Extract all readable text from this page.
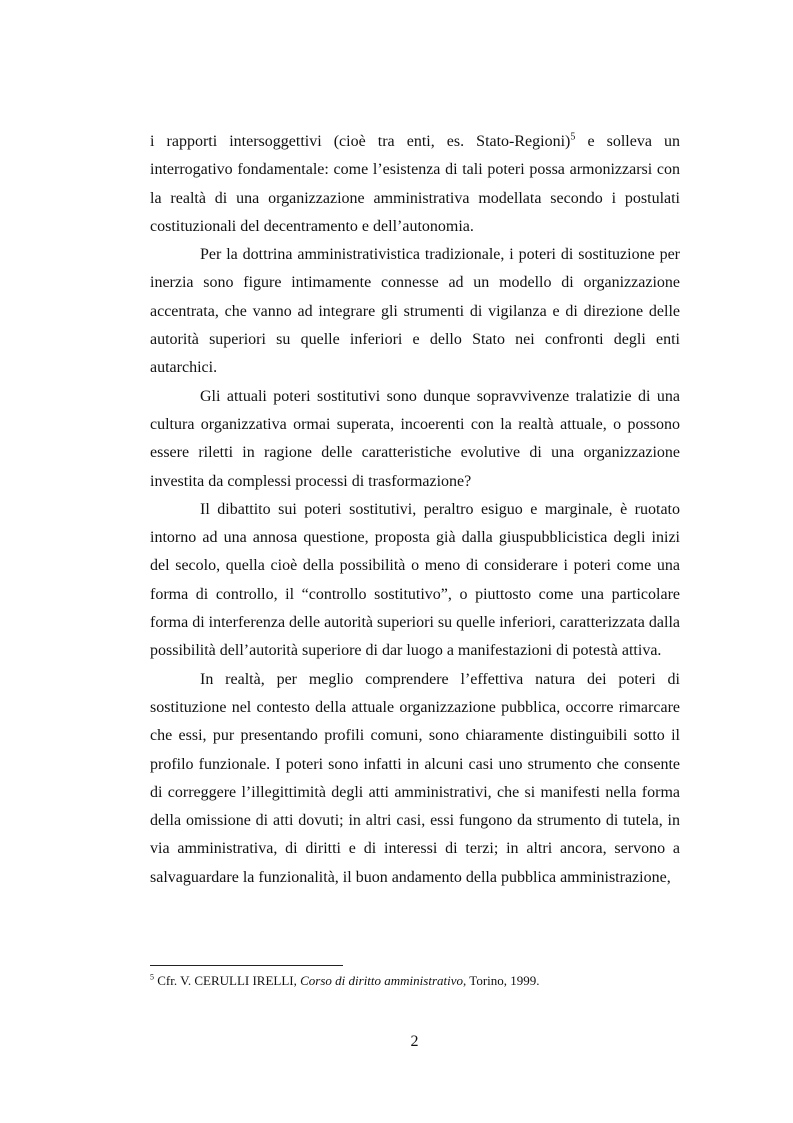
i rapporti intersoggettivi (cioè tra enti, es. Stato-Regioni)$^5$ e solleva un interrogativo fondamentale: come l’esistenza di tali poteri possa armonizzarsi con la realtà di una organizzazione amministrativa modellata secondo i postulati costituzionali del decentramento e dell’autonomia.

Per la dottrina amministrativistica tradizionale, i poteri di sostituzione per inerzia sono figure intimamente connesse ad un modello di organizzazione accentrata, che vanno ad integrare gli strumenti di vigilanza e di direzione delle autorità superiori su quelle inferiori e dello Stato nei confronti degli enti autarchici.

Gli attuali poteri sostitutivi sono dunque sopravvivenze tralatizie di una cultura organizzativa ormai superata, incoerenti con la realtà attuale, o possono essere riletti in ragione delle caratteristiche evolutive di una organizzazione investita da complessi processi di trasformazione?

Il dibattito sui poteri sostitutivi, peraltro esiguo e marginale, è ruotato intorno ad una annosa questione, proposta già dalla giuspubblicistica degli inizi del secolo, quella cioè della possibilità o meno di considerare i poteri come una forma di controllo, il “controllo sostitutivo”, o piuttosto come una particolare forma di interferenza delle autorità superiori su quelle inferiori, caratterizzata dalla possibilità dell’autorità superiore di dar luogo a manifestazioni di potestà attiva.

In realtà, per meglio comprendere l’effettiva natura dei poteri di sostituzione nel contesto della attuale organizzazione pubblica, occorre rimarcare che essi, pur presentando profili comuni, sono chiaramente distinguibili sotto il profilo funzionale. I poteri sono infatti in alcuni casi uno strumento che consente di correggere l’illegittimità degli atti amministrativi, che si manifesti nella forma della omissione di atti dovuti; in altri casi, essi fungono da strumento di tutela, in via amministrativa, di diritti e di interessi di terzi; in altri ancora, servono a salvaguardare la funzionalità, il buon andamento della pubblica amministrazione,

$^5$ Cfr. V. CERULLI IRELLI, Corso di diritto amministrativo, Torino, 1999.
2
